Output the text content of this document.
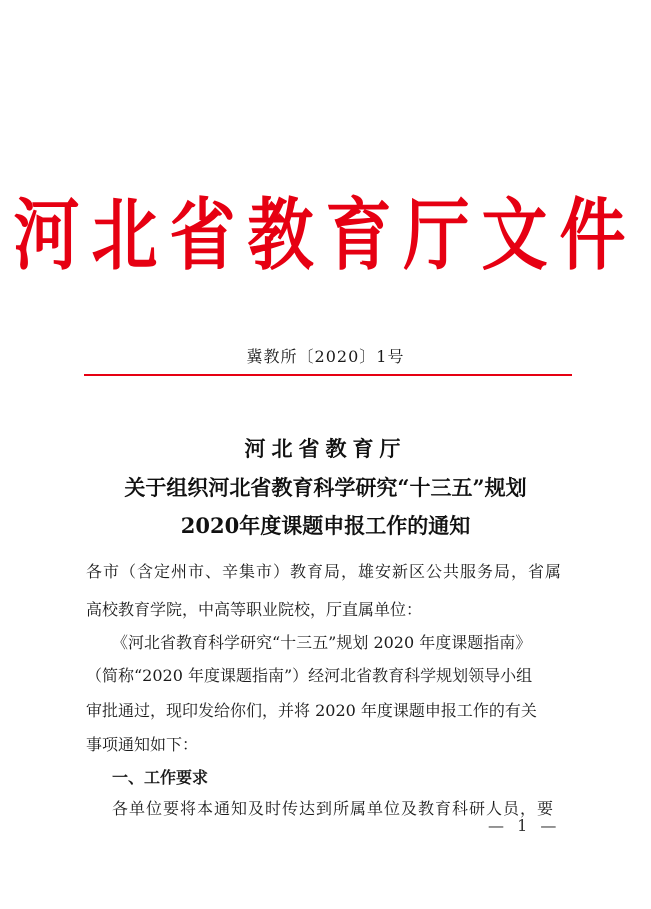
河北省教育厅文件
冀教所〔2020〕1号
河北省教育厅
关于组织河北省教育科学研究“十三五”规划
2020年度课题申报工作的通知
各市（含定州市、辛集市）教育局，雄安新区公共服务局，省属
高校教育学院，中高等职业院校，厅直属单位：
《河北省教育科学研究“十三五”规划 2020 年度课题指南》
（简称“2020 年度课题指南”）经河北省教育科学规划领导小组
审批通过，现印发给你们，并将 2020 年度课题申报工作的有关
事项通知如下：
一、工作要求
各单位要将本通知及时传达到所属单位及教育科研人员，要
— 1 —
